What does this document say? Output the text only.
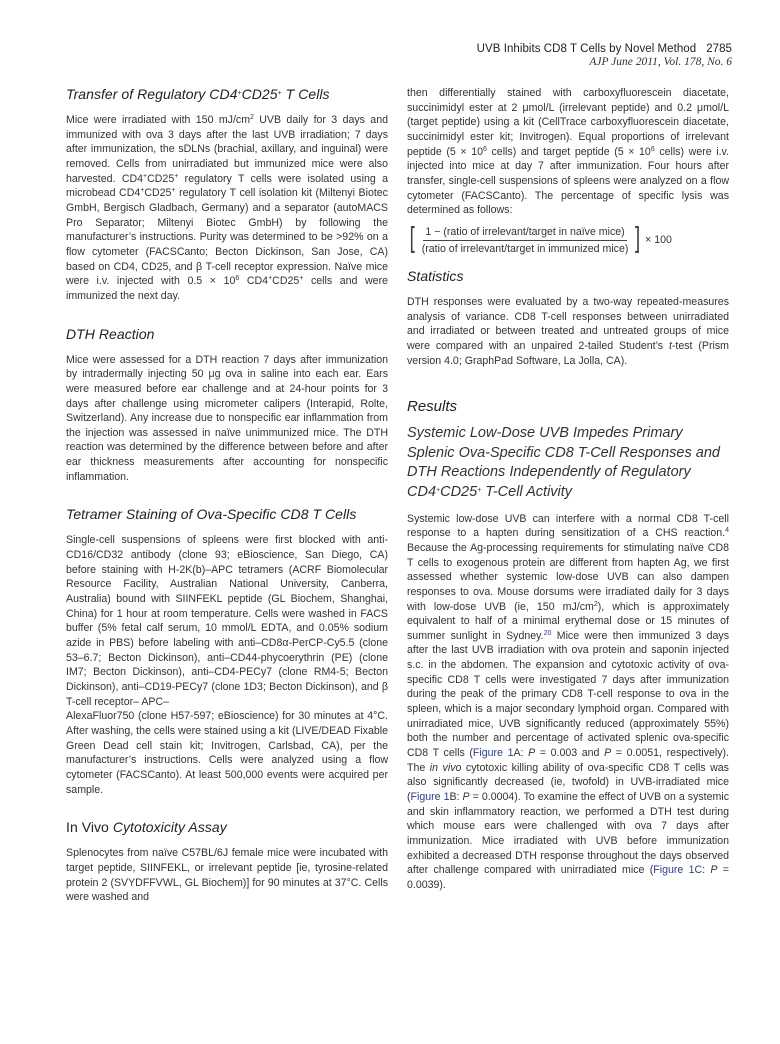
UVB Inhibits CD8 T Cells by Novel Method 2785
AJP June 2011, Vol. 178, No. 6
Transfer of Regulatory CD4+CD25+ T Cells

Mice were irradiated with 150 $mJ/cm^2$ UVB daily for 3 days and immunized with ova 3 days after the last UVB irradiation; 7 days after immunization, the sDLNs (brachial, axillary, and inguinal) were removed. Cells from unirradiated but immunized mice were also harvested. CD4+CD25+ regulatory T cells were isolated using a microbead CD4+CD25+ regulatory T cell isolation kit (Miltenyi Biotec GmbH, Bergisch Gladbach, Germany) and a separator (autoMACS Pro Separator; Miltenyi Biotec GmbH) by following the manufacturer’s instructions. Purity was determined to be >92% on a flow cytometer (FACSCanto; Becton Dickinson, San Jose, CA) based on CD4, CD25, and β T-cell receptor expression. Naïve mice were i.v. injected with $0.5 \times 10^6$ CD4+CD25+ cells and were immunized the next day.

DTH Reaction

Mice were assessed for a DTH reaction 7 days after immunization by intradermally injecting 50 μg ova in saline into each ear. Ears were measured before ear challenge and at 24-hour points for 3 days after challenge using micrometer calipers (Interapid, Rolte, Switzerland). Any increase due to nonspecific ear inflammation from the injection was assessed in naïve unimmunized mice. The DTH reaction was determined by the difference between before and after ear thickness measurements after accounting for nonspecific inflammation.

Tetramer Staining of Ova-Specific CD8 T Cells

Single-cell suspensions of spleens were first blocked with anti-CD16/CD32 antibody (clone 93; eBioscience, San Diego, CA) before staining with H-2K(b)–APC tetramers (ACRF Biomolecular Resource Facility, Australian National University, Canberra, Australia) bound with SIINFEKL peptide (GL Biochem, Shanghai, China) for 1 hour at room temperature. Cells were washed in FACS buffer (5% fetal calf serum, 10 mmol/L EDTA, and 0.05% sodium azide in PBS) before labeling with anti–CD8α-PerCP-Cy5.5 (clone 53–6.7; Becton Dickinson), anti–CD44-phycoerythrin (PE) (clone IM7; Becton Dickinson), anti–CD4-PECy7 (clone RM4-5; Becton Dickinson), anti–CD19-PECy7 (clone 1D3; Becton Dickinson), and β T-cell receptor– APC–

AlexaFluor750 (clone H57-597; eBioscience) for 30 minutes at 4°C. After washing, the cells were stained using a kit (LIVE/DEAD Fixable Green Dead cell stain kit; Invitrogen, Carlsbad, CA), per the manufacturer’s instructions. Cells were analyzed using a flow cytometer (FACSCanto). At least 500,000 events were acquired per sample.

In Vivo Cytotoxicity Assay

Splenocytes from naïve C57BL/6J female mice were incubated with target peptide, SIINFEKL, or irrelevant peptide [ie, tyrosine-related protein 2 (SVYDFFVWL, GL Biochem)] for 90 minutes at 37°C. Cells were washed and

then differentially stained with carboxyfluorescein diacetate, succinimidyl ester at 2 μmol/L (irrelevant peptide) and 0.2 μmol/L (target peptide) using a kit (CellTrace carboxyfluorescein diacetate, succinimidyl ester kit; Invitrogen). Equal proportions of irrelevant peptide ($5 \times 10^6$ cells) and target peptide ($5 \times 10^6$ cells) were i.v. injected into mice at day 7 after immunization. Four hours after transfer, single-cell suspensions of spleens were analyzed on a flow cytometer (FACSCanto). The percentage of specific lysis was determined as follows:

[ $\frac{\text{1 − (ratio of irrelevant/target in naïve mice)}}{\text{(ratio of irrelevant/target in immunized mice)}}$ ] × 100
Statistics

DTH responses were evaluated by a two-way repeated-measures analysis of variance. CD8 T-cell responses between unirradiated and irradiated or between treated and untreated groups of mice were compared with an unpaired 2-tailed Student’s t-test (Prism version 4.0; GraphPad Software, La Jolla, CA).

Results
Systemic Low-Dose UVB Impedes Primary Splenic Ova-Specific CD8 T-Cell Responses and DTH Reactions Independently of Regulatory CD4+CD25+ T-Cell Activity

Systemic low-dose UVB can interfere with a normal CD8 T-cell response to a hapten during sensitization of a CHS reaction.$^4$ Because the Ag-processing requirements for stimulating naïve CD8 T cells to exogenous protein are different from hapten Ag, we first assessed whether systemic low-dose UVB can also dampen responses to ova. Mouse dorsums were irradiated daily for 3 days with low-dose UVB (ie, 150 $mJ/cm^2$), which is approximately equivalent to half of a minimal erythemal dose or 15 minutes of summer sunlight in Sydney.$^{20}$ Mice were then immunized 3 days after the last UVB irradiation with ova protein and saponin injected s.c. in the abdomen. The expansion and cytotoxic activity of ova-specific CD8 T cells were investigated 7 days after immunization during the peak of the primary CD8 T-cell response to ova in the spleen, which is a major secondary lymphoid organ. Compared with unirradiated mice, UVB significantly reduced (approximately 55%) both the number and percentage of activated splenic ova-specific CD8 T cells (Figure 1A: P = 0.003 and P = 0.0051, respectively). The in vivo cytotoxic killing ability of ova-specific CD8 T cells was also significantly decreased (ie, twofold) in UVB-irradiated mice (Figure 1B: P = 0.0004). To examine the effect of UVB on a systemic and skin inflammatory reaction, we performed a DTH test during which mouse ears were challenged with ova 7 days after immunization. Mice irradiated with UVB before immunization exhibited a decreased DTH response throughout the days observed after challenge compared with unirradiated mice (Figure 1C: P = 0.0039).
